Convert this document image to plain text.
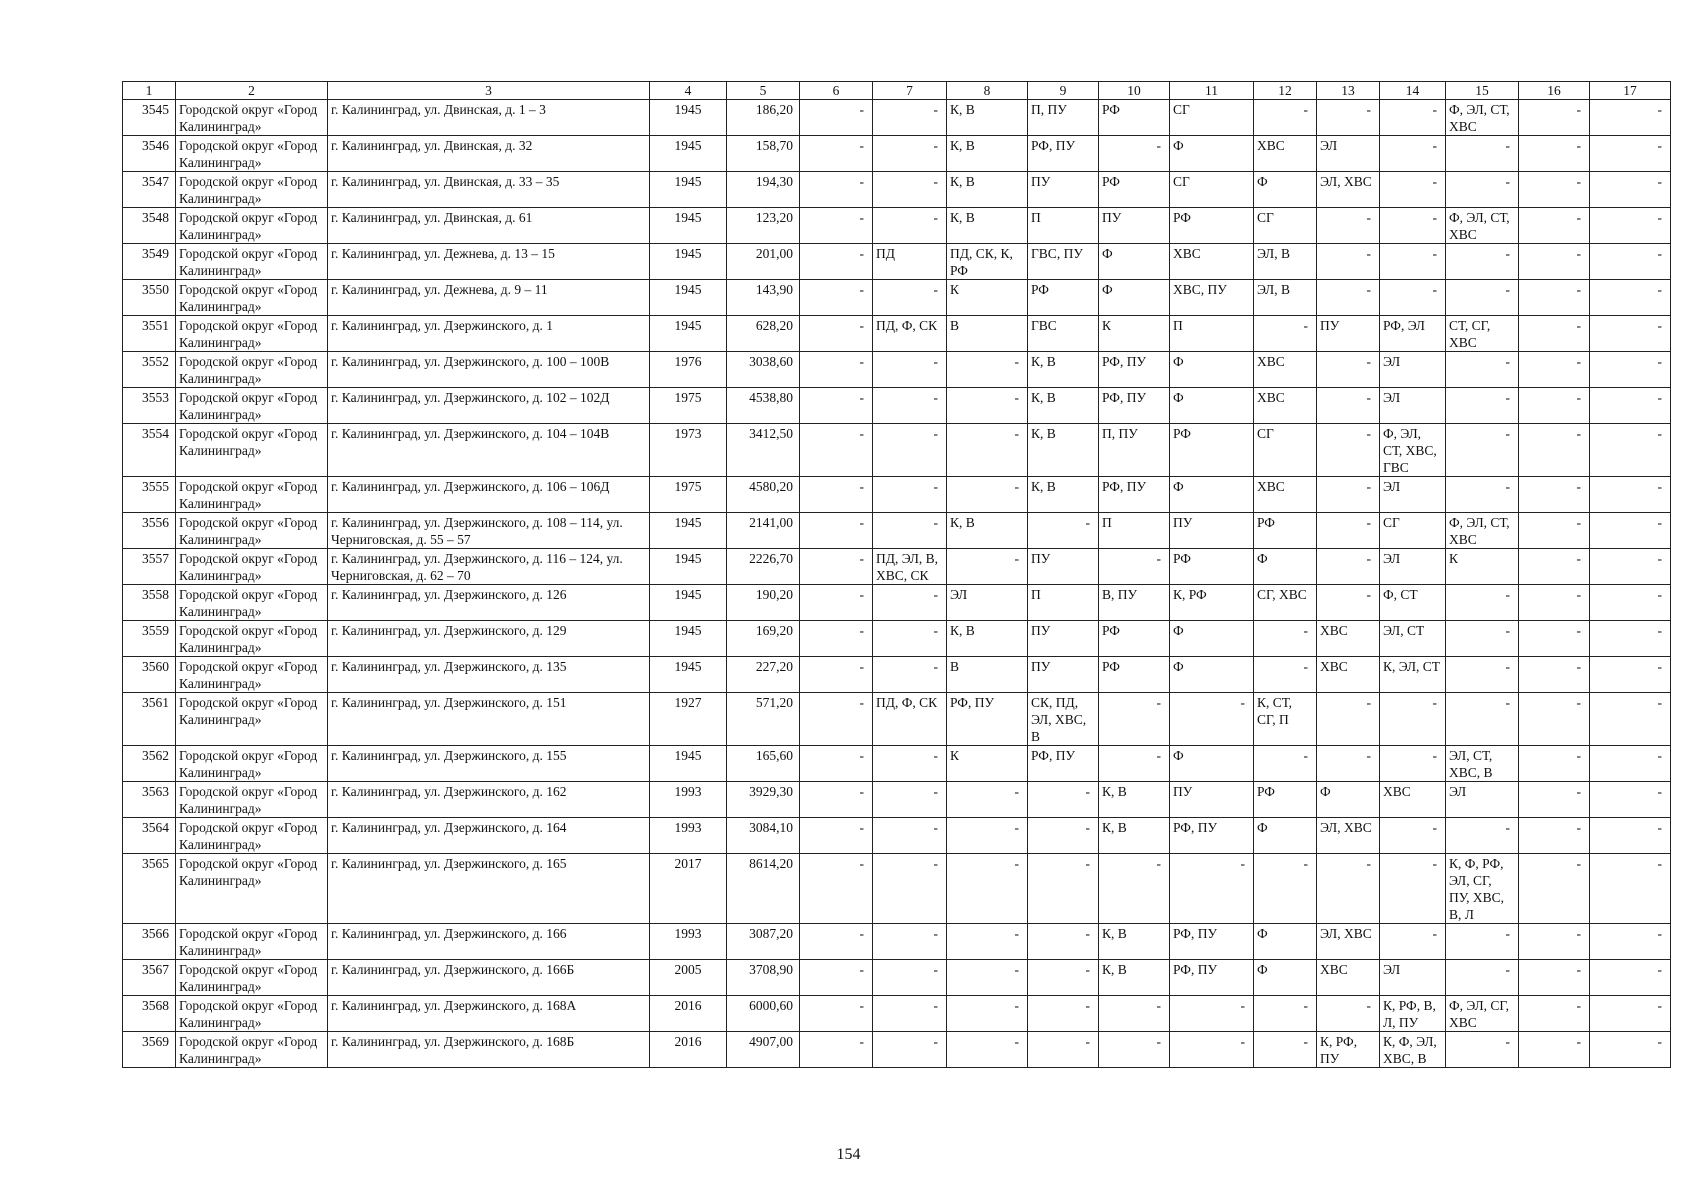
1	2	3	4	5	6	7	8	9	10	11	12	13	14	15	16	17
3545	Городской округ «Город Калининград»	г. Калининград, ул. Двинская, д. 1 – 3	1945	186,20	-	-	К, В	П, ПУ	РФ	СГ	-	-	-	Ф, ЭЛ, СТ, ХВС	-	-
3546	Городской округ «Город Калининград»	г. Калининград, ул. Двинская, д. 32	1945	158,70	-	-	К, В	РФ, ПУ	-	Ф	ХВС	ЭЛ	-	-	-	-
3547	Городской округ «Город Калининград»	г. Калининград, ул. Двинская, д. 33 – 35	1945	194,30	-	-	К, В	ПУ	РФ	СГ	Ф	ЭЛ, ХВС	-	-	-	-
3548	Городской округ «Город Калининград»	г. Калининград, ул. Двинская, д. 61	1945	123,20	-	-	К, В	П	ПУ	РФ	СГ	-	-	Ф, ЭЛ, СТ, ХВС	-	-
3549	Городской округ «Город Калининград»	г. Калининград, ул. Дежнева, д. 13 – 15	1945	201,00	-	ПД	ПД, СК, К, РФ	ГВС, ПУ	Ф	ХВС	ЭЛ, В	-	-	-	-	-
3550	Городской округ «Город Калининград»	г. Калининград, ул. Дежнева, д. 9 – 11	1945	143,90	-	-	К	РФ	Ф	ХВС, ПУ	ЭЛ, В	-	-	-	-	-
3551	Городской округ «Город Калининград»	г. Калининград, ул. Дзержинского, д. 1	1945	628,20	-	ПД, Ф, СК	В	ГВС	К	П	-	ПУ	РФ, ЭЛ	СТ, СГ, ХВС	-	-
3552	Городской округ «Город Калининград»	г. Калининград, ул. Дзержинского, д. 100 – 100В	1976	3038,60	-	-	-	К, В	РФ, ПУ	Ф	ХВС	-	ЭЛ	-	-	-
3553	Городской округ «Город Калининград»	г. Калининград, ул. Дзержинского, д. 102 – 102Д	1975	4538,80	-	-	-	К, В	РФ, ПУ	Ф	ХВС	-	ЭЛ	-	-	-
3554	Городской округ «Город Калининград»	г. Калининград, ул. Дзержинского, д. 104 – 104В	1973	3412,50	-	-	-	К, В	П, ПУ	РФ	СГ	-	Ф, ЭЛ, СТ, ХВС, ГВС	-	-	-
3555	Городской округ «Город Калининград»	г. Калининград, ул. Дзержинского, д. 106 – 106Д	1975	4580,20	-	-	-	К, В	РФ, ПУ	Ф	ХВС	-	ЭЛ	-	-	-
3556	Городской округ «Город Калининград»	г. Калининград, ул. Дзержинского, д. 108 – 114, ул. Черниговская, д. 55 – 57	1945	2141,00	-	-	К, В	-	П	ПУ	РФ	-	СГ	Ф, ЭЛ, СТ, ХВС	-	-
3557	Городской округ «Город Калининград»	г. Калининград, ул. Дзержинского, д. 116 – 124, ул. Черниговская, д. 62 – 70	1945	2226,70	-	ПД, ЭЛ, В, ХВС, СК	-	ПУ	-	РФ	Ф	-	ЭЛ	К	-	-
3558	Городской округ «Город Калининград»	г. Калининград, ул. Дзержинского, д. 126	1945	190,20	-	-	ЭЛ	П	В, ПУ	К, РФ	СГ, ХВС	-	Ф, СТ	-	-	-
3559	Городской округ «Город Калининград»	г. Калининград, ул. Дзержинского, д. 129	1945	169,20	-	-	К, В	ПУ	РФ	Ф	-	ХВС	ЭЛ, СТ	-	-	-
3560	Городской округ «Город Калининград»	г. Калининград, ул. Дзержинского, д. 135	1945	227,20	-	-	В	ПУ	РФ	Ф	-	ХВС	К, ЭЛ, СТ	-	-	-
3561	Городской округ «Город Калининград»	г. Калининград, ул. Дзержинского, д. 151	1927	571,20	-	ПД, Ф, СК	РФ, ПУ	СК, ПД, ЭЛ, ХВС, В	-	-	К, СТ, СГ, П	-	-	-	-	-
3562	Городской округ «Город Калининград»	г. Калининград, ул. Дзержинского, д. 155	1945	165,60	-	-	К	РФ, ПУ	-	Ф	-	-	-	ЭЛ, СТ, ХВС, В	-	-
3563	Городской округ «Город Калининград»	г. Калининград, ул. Дзержинского, д. 162	1993	3929,30	-	-	-	-	К, В	ПУ	РФ	Ф	ХВС	ЭЛ	-	-
3564	Городской округ «Город Калининград»	г. Калининград, ул. Дзержинского, д. 164	1993	3084,10	-	-	-	-	К, В	РФ, ПУ	Ф	ЭЛ, ХВС	-	-	-	-
3565	Городской округ «Город Калининград»	г. Калининград, ул. Дзержинского, д. 165	2017	8614,20	-	-	-	-	-	-	-	-	-	К, Ф, РФ, ЭЛ, СГ, ПУ, ХВС, В, Л	-	-
3566	Городской округ «Город Калининград»	г. Калининград, ул. Дзержинского, д. 166	1993	3087,20	-	-	-	-	К, В	РФ, ПУ	Ф	ЭЛ, ХВС	-	-	-	-
3567	Городской округ «Город Калининград»	г. Калининград, ул. Дзержинского, д. 166Б	2005	3708,90	-	-	-	-	К, В	РФ, ПУ	Ф	ХВС	ЭЛ	-	-	-
3568	Городской округ «Город Калининград»	г. Калининград, ул. Дзержинского, д. 168А	2016	6000,60	-	-	-	-	-	-	-	-	К, РФ, В, Л, ПУ	Ф, ЭЛ, СГ, ХВС	-	-
3569	Городской округ «Город Калининград»	г. Калининград, ул. Дзержинского, д. 168Б	2016	4907,00	-	-	-	-	-	-	-	К, РФ, ПУ	К, Ф, ЭЛ, ХВС, В	-	-	-
154
